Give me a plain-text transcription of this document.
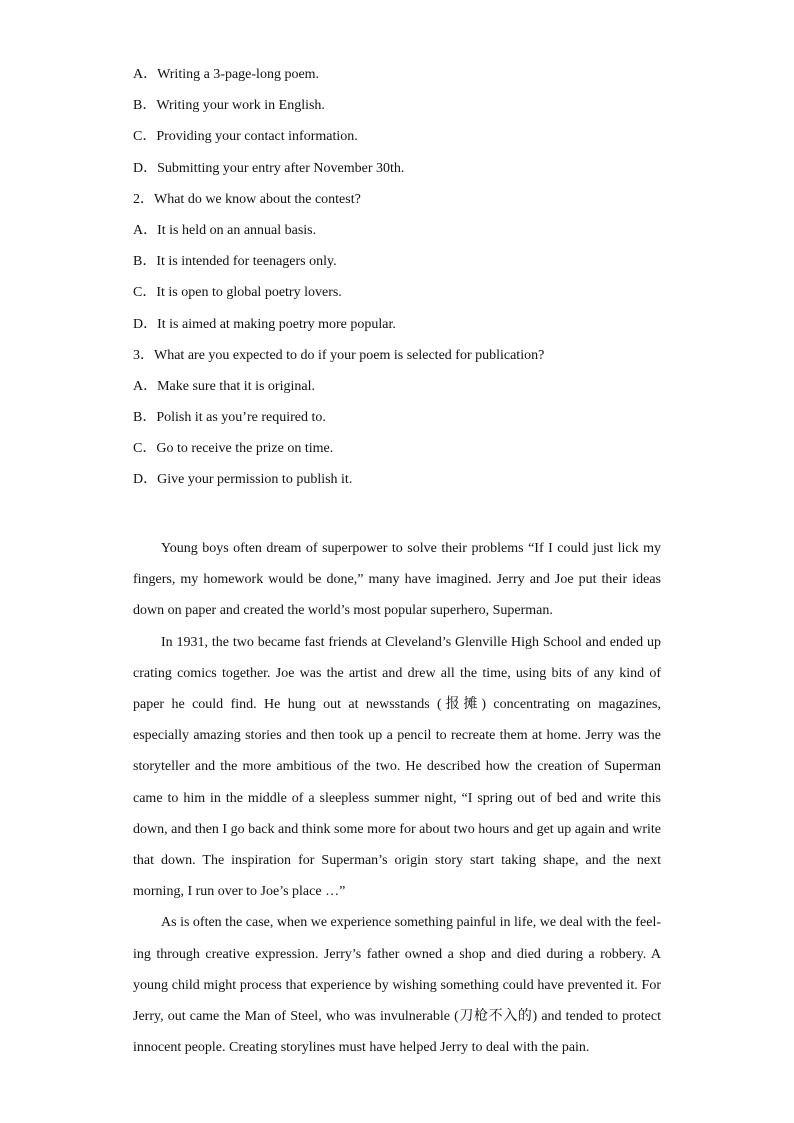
A．Writing a 3-page-long poem.
B．Writing your work in English.
C．Providing your contact information.
D．Submitting your entry after November 30th.
2．What do we know about the contest?
A．It is held on an annual basis.
B．It is intended for teenagers only.
C．It is open to global poetry lovers.
D．It is aimed at making poetry more popular.
3．What are you expected to do if your poem is selected for publication?
A．Make sure that it is original.
B．Polish it as you’re required to.
C．Go to receive the prize on time.
D．Give your permission to publish it.

Young boys often dream of superpower to solve their problems “If I could just lick my fingers, my homework would be done,” many have imagined. Jerry and Joe put their ideas down on paper and created the world’s most popular superhero, Superman.

In 1931, the two became fast friends at Cleveland’s Glenville High School and ended up crating comics together. Joe was the artist and drew all the time, using bits of any kind of paper he could find. He hung out at newsstands (报摊) concentrating on magazines, especially amazing stories and then took up a pencil to recreate them at home. Jerry was the storyteller and the more ambitious of the two. He described how the creation of Superman came to him in the middle of a sleepless summer night, “I spring out of bed and write this down, and then I go back and think some more for about two hours and get up again and write that down. The inspiration for Superman’s origin story start taking shape, and the next morning, I run over to Joe’s place …”

As is often the case, when we experience something painful in life, we deal with the feel-ing through creative expression. Jerry’s father owned a shop and died during a robbery. A young child might process that experience by wishing something could have prevented it. For Jerry, out came the Man of Steel, who was invulnerable (刀枪不入的) and tended to protect innocent people. Creating storylines must have helped Jerry to deal with the pain.
